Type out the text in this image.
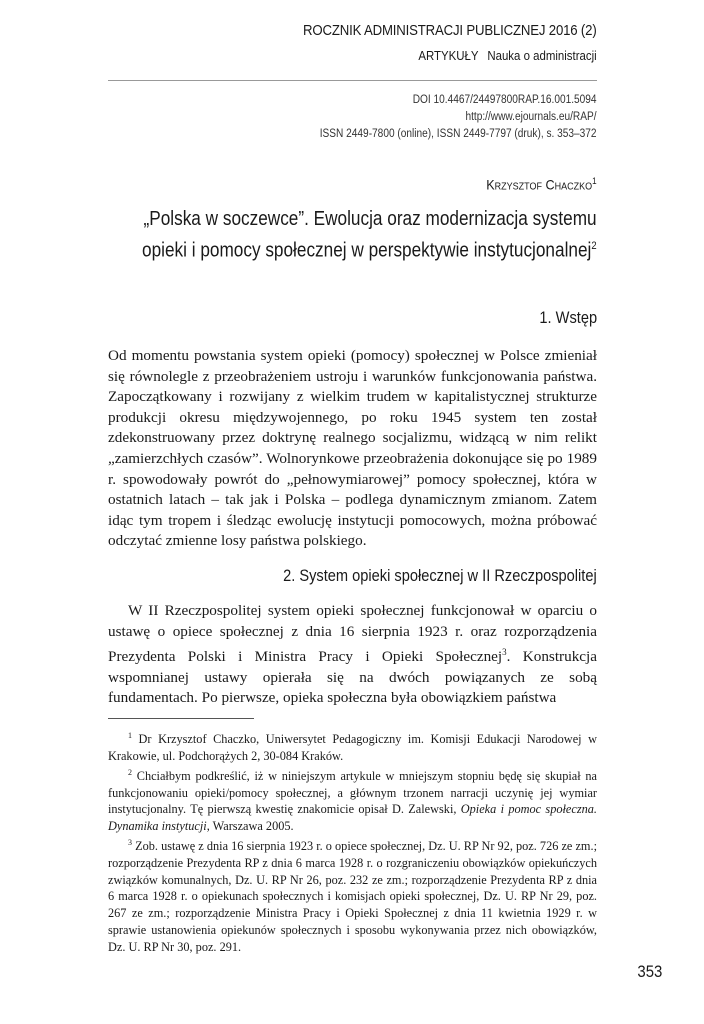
ROCZNIK ADMINISTRACJI PUBLICZNEJ 2016 (2)
ARTYKUŁY Nauka o administracji
DOI 10.4467/24497800RAP.16.001.5094
http://www.ejournals.eu/RAP/
ISSN 2449-7800 (online), ISSN 2449-7797 (druk), s. 353–372
Krzysztof Chaczko$^1$
„Polska w soczewce”. Ewolucja oraz modernizacja systemu
opieki i pomocy społecznej w perspektywie instytucjonalnej$^2$
1. Wstęp

Od momentu powstania system opieki (pomocy) społecznej w Polsce zmieniał się równolegle z przeobrażeniem ustroju i warunków funkcjonowania państwa. Zapoczątkowany i rozwijany z wielkim trudem w kapitalistycznej strukturze produkcji okresu międzywojennego, po roku 1945 system ten został zdekonstruowany przez doktrynę realnego socjalizmu, widzącą w nim relikt „zamierzchłych czasów”. Wolnorynkowe przeobrażenia dokonujące się po 1989 r. spowodowały powrót do „pełnowymiarowej” pomocy społecznej, która w ostatnich latach – tak jak i Polska – podlega dynamicznym zmianom. Zatem idąc tym tropem i śledząc ewolucję instytucji pomocowych, można próbować odczytać zmienne losy państwa polskiego.

2. System opieki społecznej w II Rzeczpospolitej

W II Rzeczpospolitej system opieki społecznej funkcjonował w oparciu o ustawę o opiece społecznej z dnia 16 sierpnia 1923 r. oraz rozporządzenia Prezydenta Polski i Ministra Pracy i Opieki Społecznej$^3$. Konstrukcja wspomnianej ustawy opierała się na dwóch powiązanych ze sobą fundamentach. Po pierwsze, opieka społeczna była obowiązkiem państwa

$^1$ Dr Krzysztof Chaczko, Uniwersytet Pedagogiczny im. Komisji Edukacji Narodowej w Krakowie, ul. Podchorążych 2, 30-084 Kraków.

$^2$ Chciałbym podkreślić, iż w niniejszym artykule w mniejszym stopniu będę się skupiał na funkcjonowaniu opieki/pomocy społecznej, a głównym trzonem narracji uczynię jej wymiar instytucjonalny. Tę pierwszą kwestię znakomicie opisał D. Zalewski, Opieka i pomoc społeczna. Dynamika instytucji, Warszawa 2005.

$^3$ Zob. ustawę z dnia 16 sierpnia 1923 r. o opiece społecznej, Dz. U. RP Nr 92, poz. 726 ze zm.; rozporządzenie Prezydenta RP z dnia 6 marca 1928 r. o rozgraniczeniu obowiązków opiekuńczych związków komunalnych, Dz. U. RP Nr 26, poz. 232 ze zm.; rozporządzenie Prezydenta RP z dnia 6 marca 1928 r. o opiekunach społecznych i komisjach opieki społecznej, Dz. U. RP Nr 29, poz. 267 ze zm.; rozporządzenie Ministra Pracy i Opieki Społecznej z dnia 11 kwietnia 1929 r. w sprawie ustanowienia opiekunów społecznych i sposobu wykonywania przez nich obowiązków, Dz. U. RP Nr 30, poz. 291.

353
